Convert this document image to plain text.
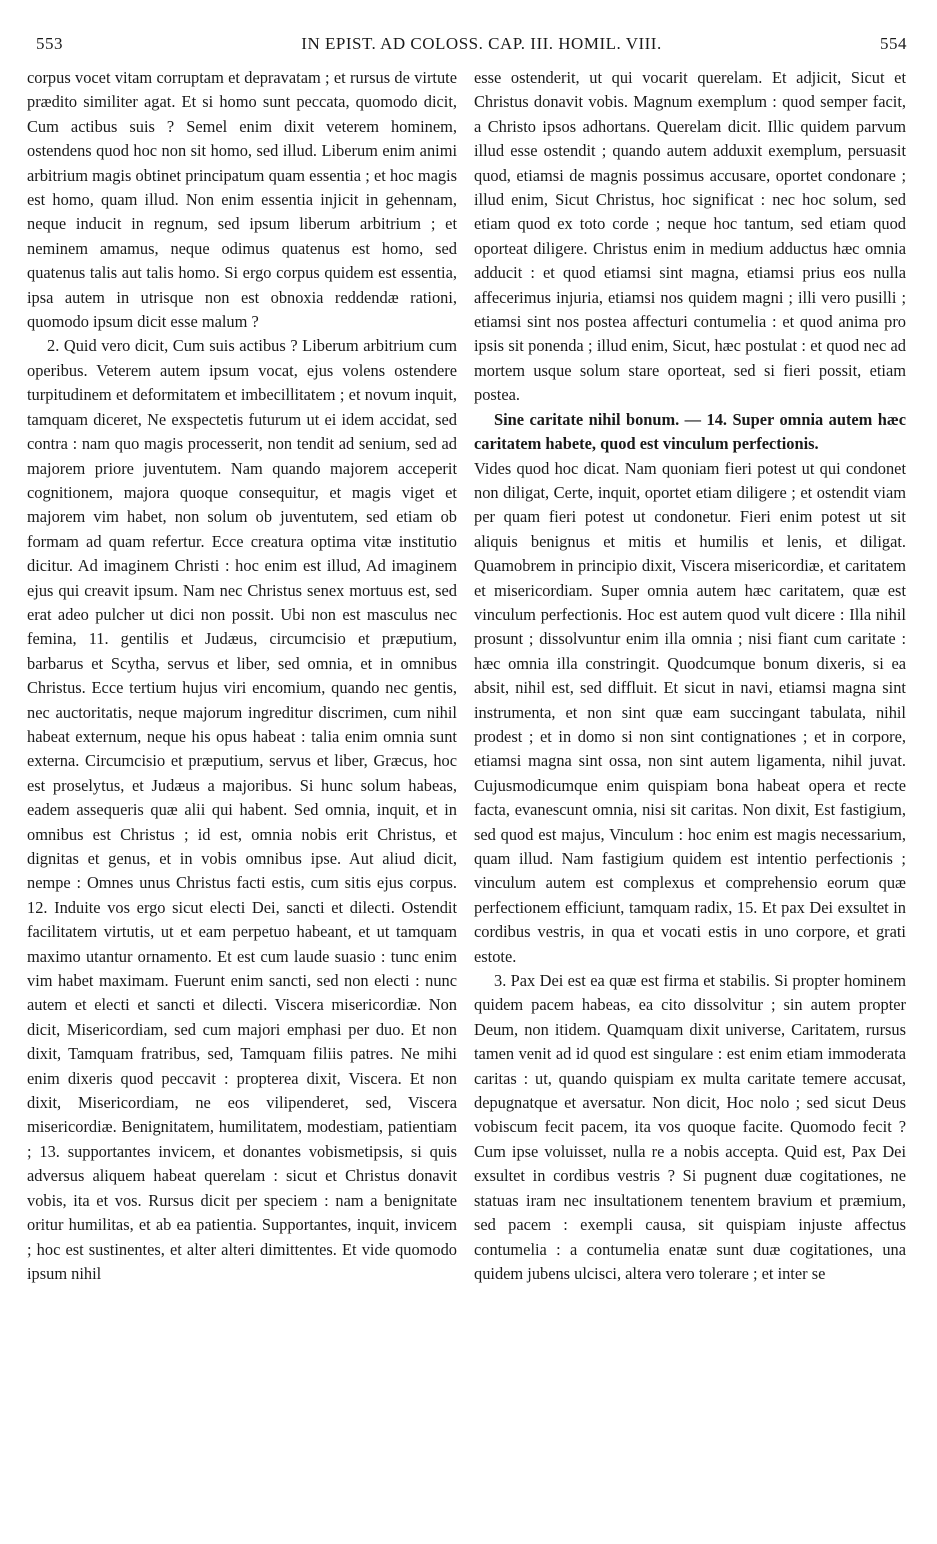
553	IN EPIST. AD COLOSS. CAP. III. HOMIL. VIII.	554

corpus vocet vitam corruptam et depravatam ; et rursus de virtute prædito similiter agat. Et si homo sunt peccata, quomodo dicit, Cum actibus suis ? Semel enim dixit veterem hominem, ostendens quod hoc non sit homo, sed illud. Liberum enim animi arbitrium magis obtinet principatum quam essentia ; et hoc magis est homo, quam illud. Non enim essentia injicit in gehennam, neque inducit in regnum, sed ipsum liberum arbitrium ; et neminem amamus, neque odimus quatenus est homo, sed quatenus talis aut talis homo. Si ergo corpus quidem est essentia, ipsa autem in utrisque non est obnoxia reddendæ rationi, quomodo ipsum dicit esse malum ?

2. Quid vero dicit, Cum suis actibus ? Liberum arbitrium cum operibus. Veterem autem ipsum vocat, ejus volens ostendere turpitudinem et deformitatem et imbecillitatem ; et novum inquit, tamquam diceret, Ne exspectetis futurum ut ei idem accidat, sed contra : nam quo magis processerit, non tendit ad senium, sed ad majorem priore juventutem. Nam quando majorem acceperit cognitionem, majora quoque consequitur, et magis viget et majorem vim habet, non solum ob juventutem, sed etiam ob formam ad quam refertur. Ecce creatura optima vitæ institutio dicitur. Ad imaginem Christi : hoc enim est illud, Ad imaginem ejus qui creavit ipsum. Nam nec Christus senex mortuus est, sed erat adeo pulcher ut dici non possit. Ubi non est masculus nec femina, 11. gentilis et Judæus, circumcisio et præputium, barbarus et Scytha, servus et liber, sed omnia, et in omnibus Christus. Ecce tertium hujus viri encomium, quando nec gentis, nec auctoritatis, neque majorum ingreditur discrimen, cum nihil habeat externum, neque his opus habeat : talia enim omnia sunt externa. Circumcisio et præputium, servus et liber, Græcus, hoc est proselytus, et Judæus a majoribus. Si hunc solum habeas, eadem assequeris quæ alii qui habent. Sed omnia, inquit, et in omnibus est Christus ; id est, omnia nobis erit Christus, et dignitas et genus, et in vobis omnibus ipse. Aut aliud dicit, nempe : Omnes unus Christus facti estis, cum sitis ejus corpus. 12. Induite vos ergo sicut electi Dei, sancti et dilecti. Ostendit facilitatem virtutis, ut et eam perpetuo habeant, et ut tamquam maximo utantur ornamento. Et est cum laude suasio : tunc enim vim habet maximam. Fuerunt enim sancti, sed non electi : nunc autem et electi et sancti et dilecti. Viscera misericordiæ. Non dicit, Misericordiam, sed cum majori emphasi per duo. Et non dixit, Tamquam fratribus, sed, Tamquam filiis patres. Ne mihi enim dixeris quod peccavit : propterea dixit, Viscera. Et non dixit, Misericordiam, ne eos vilipenderet, sed, Viscera misericordiæ. Benignitatem, humilitatem, modestiam, patientiam ; 13. supportantes invicem, et donantes vobismetipsis, si quis adversus aliquem habeat querelam : sicut et Christus donavit vobis, ita et vos. Rursus dicit per speciem : nam a benignitate oritur humilitas, et ab ea patientia. Supportantes, inquit, invicem ; hoc est sustinentes, et alter alteri dimittentes. Et vide quomodo ipsum nihil

esse ostenderit, ut qui vocarit querelam. Et adjicit, Sicut et Christus donavit vobis. Magnum exemplum : quod semper facit, a Christo ipsos adhortans. Querelam dicit. Illic quidem parvum illud esse ostendit ; quando autem adduxit exemplum, persuasit quod, etiamsi de magnis possimus accusare, oportet condonare ; illud enim, Sicut Christus, hoc significat : nec hoc solum, sed etiam quod ex toto corde ; neque hoc tantum, sed etiam quod oporteat diligere. Christus enim in medium adductus hæc omnia adducit : et quod etiamsi sint magna, etiamsi prius eos nulla affecerimus injuria, etiamsi nos quidem magni ; illi vero pusilli ; etiamsi sint nos postea affecturi contumelia : et quod anima pro ipsis sit ponenda ; illud enim, Sicut, hæc postulat : et quod nec ad mortem usque solum stare oporteat, sed si fieri possit, etiam postea.

Sine caritate nihil bonum. — 14. Super omnia autem hæc caritatem habete, quod est vinculum perfectionis.

Vides quod hoc dicat. Nam quoniam fieri potest ut qui condonet non diligat, Certe, inquit, oportet etiam diligere ; et ostendit viam per quam fieri potest ut condonetur. Fieri enim potest ut sit aliquis benignus et mitis et humilis et lenis, et diligat. Quamobrem in principio dixit, Viscera misericordiæ, et caritatem et misericordiam. Super omnia autem hæc caritatem, quæ est vinculum perfectionis. Hoc est autem quod vult dicere : Illa nihil prosunt ; dissolvuntur enim illa omnia ; nisi fiant cum caritate : hæc omnia illa constringit. Quodcumque bonum dixeris, si ea absit, nihil est, sed diffluit. Et sicut in navi, etiamsi magna sint instrumenta, et non sint quæ eam succingant tabulata, nihil prodest ; et in domo si non sint contignationes ; et in corpore, etiamsi magna sint ossa, non sint autem ligamenta, nihil juvat. Cujusmodicumque enim quispiam bona habeat opera et recte facta, evanescunt omnia, nisi sit caritas. Non dixit, Est fastigium, sed quod est majus, Vinculum : hoc enim est magis necessarium, quam illud. Nam fastigium quidem est intentio perfectionis ; vinculum autem est complexus et comprehensio eorum quæ perfectionem efficiunt, tamquam radix, 15. Et pax Dei exsultet in cordibus vestris, in qua et vocati estis in uno corpore, et grati estote.

3. Pax Dei est ea quæ est firma et stabilis. Si propter hominem quidem pacem habeas, ea cito dissolvitur ; sin autem propter Deum, non itidem. Quamquam dixit universe, Caritatem, rursus tamen venit ad id quod est singulare : est enim etiam immoderata caritas : ut, quando quispiam ex multa caritate temere accusat, depugnatque et aversatur. Non dicit, Hoc nolo ; sed sicut Deus vobiscum fecit pacem, ita vos quoque facite. Quomodo fecit ? Cum ipse voluisset, nulla re a nobis accepta. Quid est, Pax Dei exsultet in cordibus vestris ? Si pugnent duæ cogitationes, ne statuas iram nec insultationem tenentem bravium et præmium, sed pacem : exempli causa, sit quispiam injuste affectus contumelia : a contumelia enatæ sunt duæ cogitationes, una quidem jubens ulcisci, altera vero tolerare ; et inter se
